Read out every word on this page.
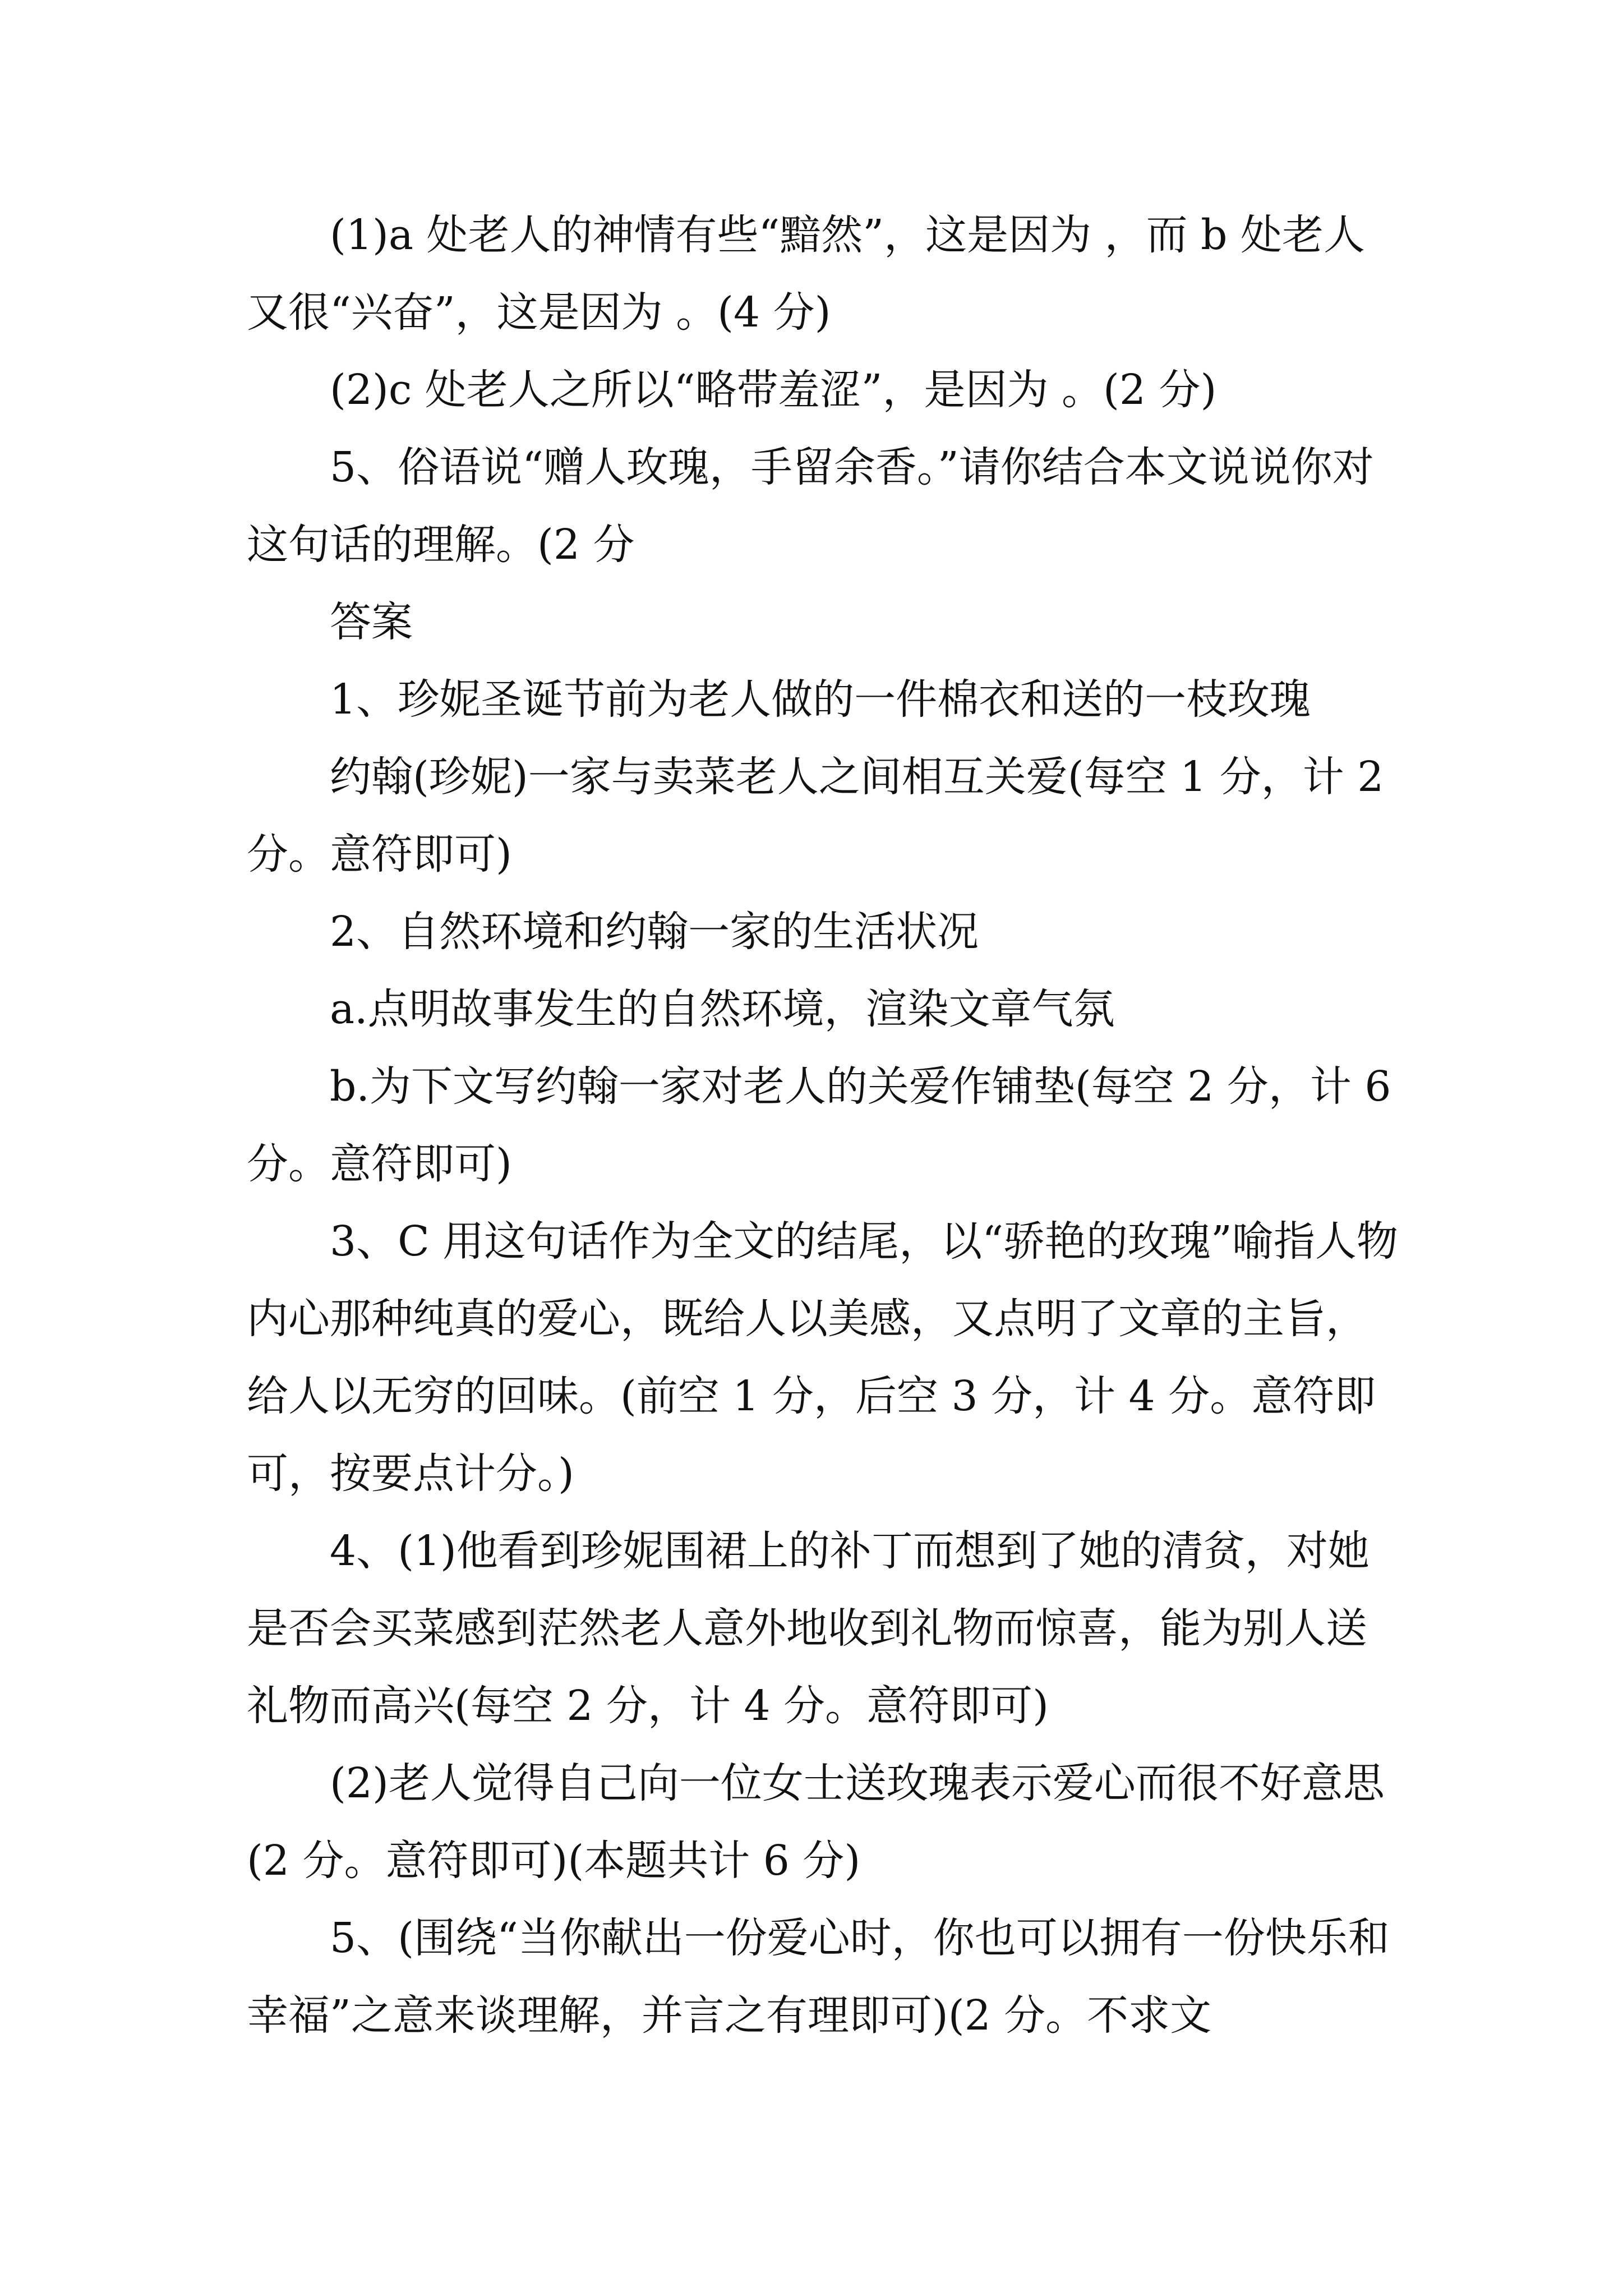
(1)a 处老人的神情有些“黯然”，这是因为 ，而 b 处老人又很“兴奋”，这是因为 。(4 分)

(2)c 处老人之所以“略带羞涩”，是因为 。(2 分)

5、俗语说“赠人玫瑰，手留余香。”请你结合本文说说你对这句话的理解。(2 分

答案

1、珍妮圣诞节前为老人做的一件棉衣和送的一枝玫瑰

约翰(珍妮)一家与卖菜老人之间相互关爱(每空 1 分，计 2 分。意符即可)

2、自然环境和约翰一家的生活状况

a.点明故事发生的自然环境，渲染文章气氛

b.为下文写约翰一家对老人的关爱作铺垫(每空 2 分，计 6 分。意符即可)

3、C 用这句话作为全文的结尾，以“骄艳的玫瑰”喻指人物内心那种纯真的爱心，既给人以美感，又点明了文章的主旨，给人以无穷的回味。(前空 1 分，后空 3 分，计 4 分。意符即可，按要点计分。)

4、(1)他看到珍妮围裙上的补丁而想到了她的清贫，对她是否会买菜感到茫然老人意外地收到礼物而惊喜，能为别人送礼物而高兴(每空 2 分，计 4 分。意符即可)

(2)老人觉得自己向一位女士送玫瑰表示爱心而很不好意思(2 分。意符即可)(本题共计 6 分)

5、(围绕“当你献出一份爱心时，你也可以拥有一份快乐和幸福”之意来谈理解，并言之有理即可)(2 分。不求文
